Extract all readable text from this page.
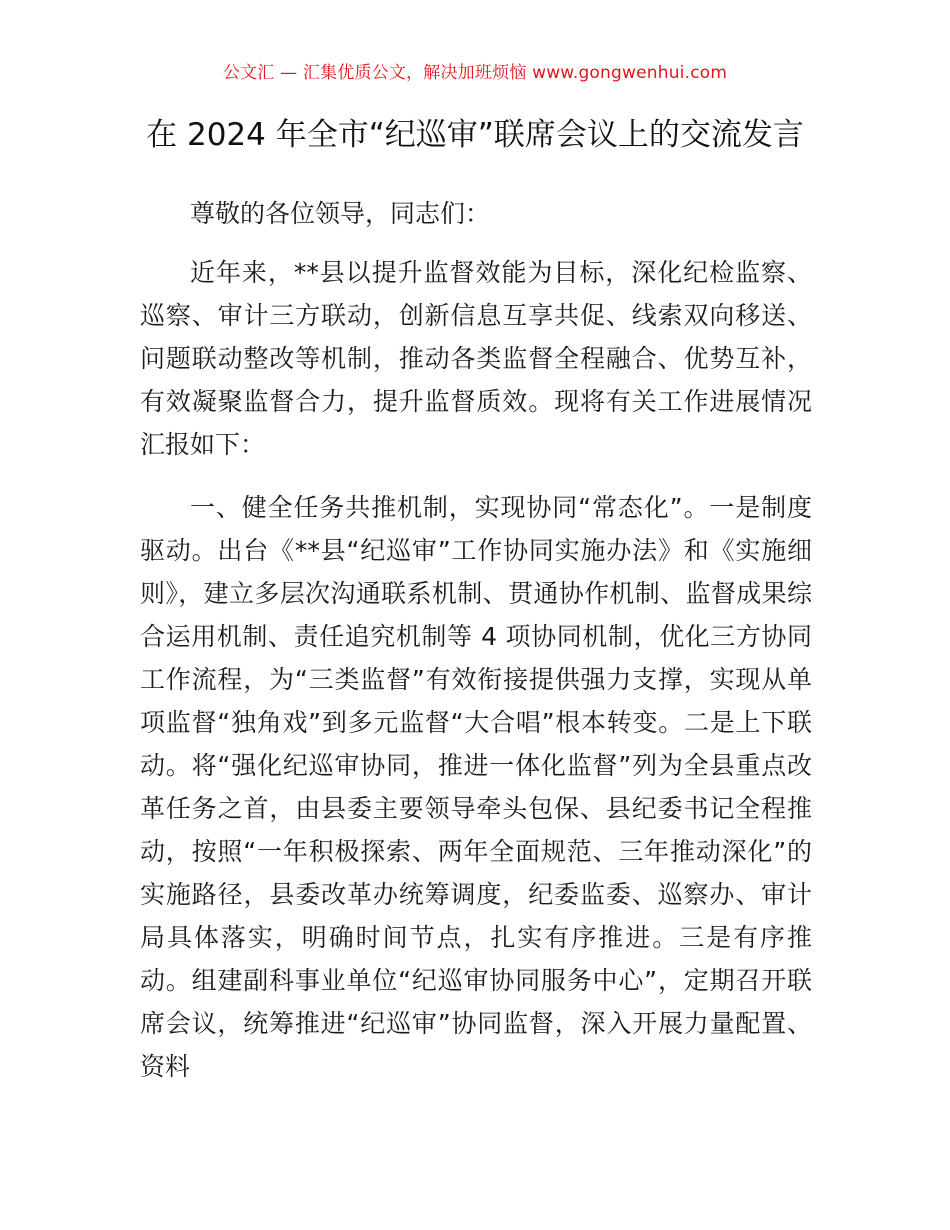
公文汇 — 汇集优质公文，解决加班烦恼 www.gongwenhui.com
在 2024 年全市“纪巡审”联席会议上的交流发言

尊敬的各位领导，同志们：

近年来，**县以提升监督效能为目标，深化纪检监察、巡察、审计三方联动，创新信息互享共促、线索双向移送、问题联动整改等机制，推动各类监督全程融合、优势互补，有效凝聚监督合力，提升监督质效。现将有关工作进展情况汇报如下：

一、健全任务共推机制，实现协同“常态化”。一是制度驱动。出台《**县“纪巡审”工作协同实施办法》和《实施细则》，建立多层次沟通联系机制、贯通协作机制、监督成果综合运用机制、责任追究机制等 4 项协同机制，优化三方协同工作流程，为“三类监督”有效衔接提供强力支撑，实现从单项监督“独角戏”到多元监督“大合唱”根本转变。二是上下联动。将“强化纪巡审协同，推进一体化监督”列为全县重点改革任务之首，由县委主要领导牵头包保、县纪委书记全程推动，按照“一年积极探索、两年全面规范、三年推动深化”的实施路径，县委改革办统筹调度，纪委监委、巡察办、审计局具体落实，明确时间节点，扎实有序推进。三是有序推动。组建副科事业单位“纪巡审协同服务中心”，定期召开联席会议，统筹推进“纪巡审”协同监督，深入开展力量配置、资料
